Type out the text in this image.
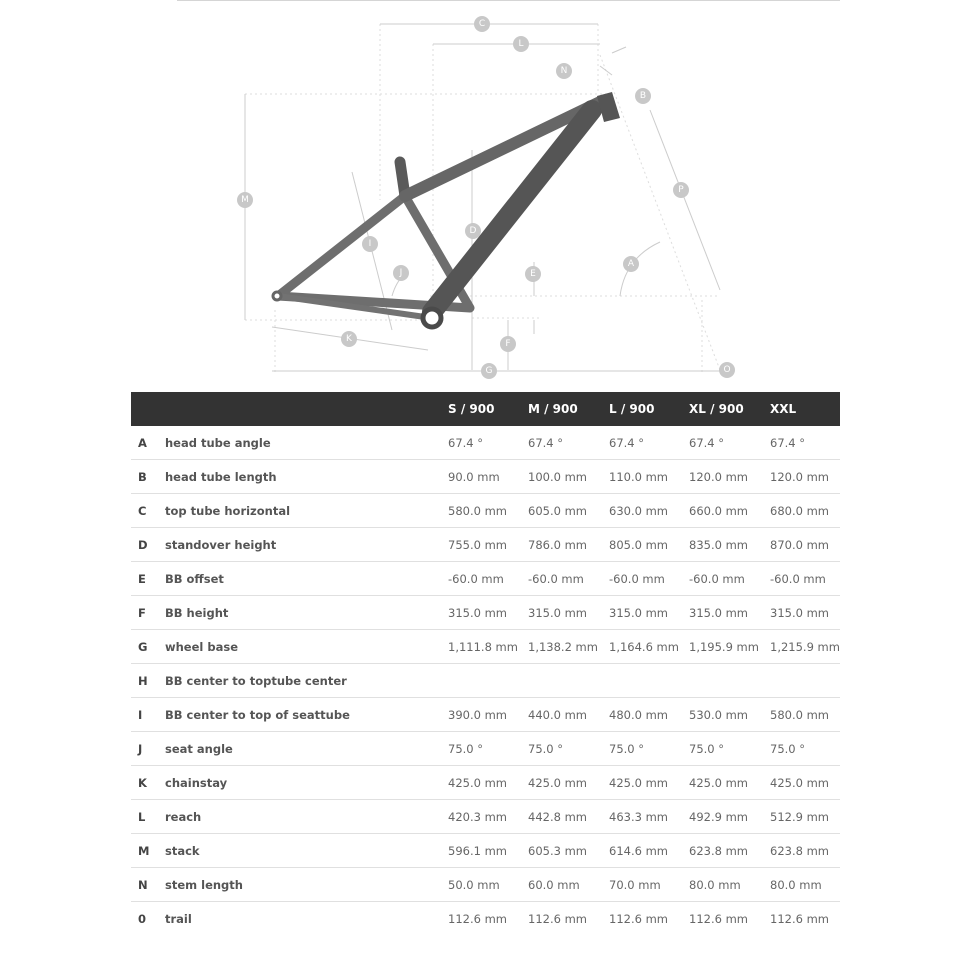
C
L
N
B
P
M
I
D
J	E
A
K	F
G	O
		S / 900	M / 900	L / 900	XL / 900	XXL
A	head tube angle	67.4 °	67.4 °	67.4 °	67.4 °	67.4 °
B	head tube length	90.0 mm	100.0 mm	110.0 mm	120.0 mm	120.0 mm
C	top tube horizontal	580.0 mm	605.0 mm	630.0 mm	660.0 mm	680.0 mm
D	standover height	755.0 mm	786.0 mm	805.0 mm	835.0 mm	870.0 mm
E	BB offset	-60.0 mm	-60.0 mm	-60.0 mm	-60.0 mm	-60.0 mm
F	BB height	315.0 mm	315.0 mm	315.0 mm	315.0 mm	315.0 mm
G	wheel base	1,111.8 mm	1,138.2 mm	1,164.6 mm	1,195.9 mm	1,215.9 mm
H	BB center to toptube center					
I	BB center to top of seattube	390.0 mm	440.0 mm	480.0 mm	530.0 mm	580.0 mm
J	seat angle	75.0 °	75.0 °	75.0 °	75.0 °	75.0 °
K	chainstay	425.0 mm	425.0 mm	425.0 mm	425.0 mm	425.0 mm
L	reach	420.3 mm	442.8 mm	463.3 mm	492.9 mm	512.9 mm
M	stack	596.1 mm	605.3 mm	614.6 mm	623.8 mm	623.8 mm
N	stem length	50.0 mm	60.0 mm	70.0 mm	80.0 mm	80.0 mm
0	trail	112.6 mm	112.6 mm	112.6 mm	112.6 mm	112.6 mm
